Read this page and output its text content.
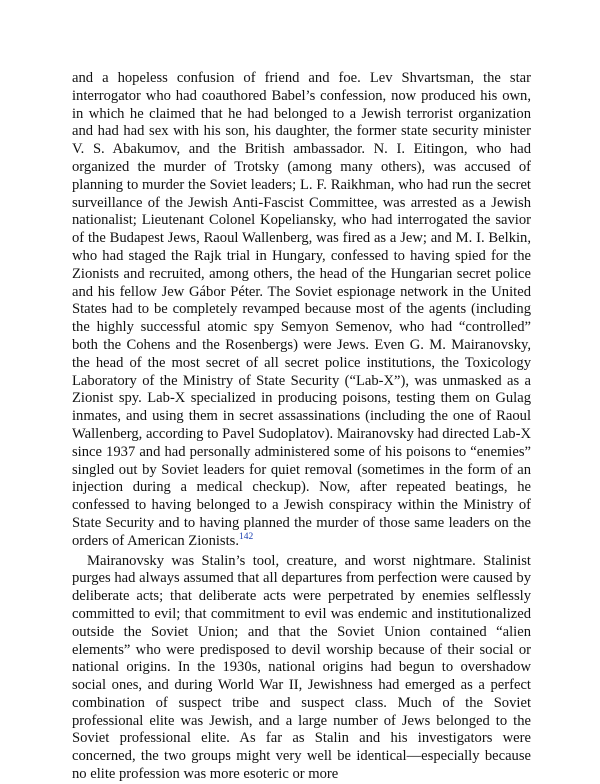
and a hopeless confusion of friend and foe. Lev Shvartsman, the star interrogator who had coauthored Babel’s confession, now produced his own, in which he claimed that he had belonged to a Jewish terrorist organization and had had sex with his son, his daughter, the former state security minister V. S. Abakumov, and the British ambassador. N. I. Eitingon, who had organized the murder of Trotsky (among many others), was accused of planning to murder the Soviet leaders; L. F. Raikhman, who had run the secret surveillance of the Jewish Anti-Fascist Committee, was arrested as a Jewish nationalist; Lieutenant Colonel Kopeliansky, who had interrogated the savior of the Budapest Jews, Raoul Wallenberg, was fired as a Jew; and M. I. Belkin, who had staged the Rajk trial in Hungary, confessed to having spied for the Zionists and recruited, among others, the head of the Hungarian secret police and his fellow Jew Gábor Péter. The Soviet espionage network in the United States had to be completely revamped because most of the agents (including the highly successful atomic spy Semyon Semenov, who had “controlled” both the Cohens and the Rosenbergs) were Jews. Even G. M. Mairanovsky, the head of the most secret of all secret police institutions, the Toxicology Laboratory of the Ministry of State Security (“Lab-X”), was unmasked as a Zionist spy. Lab-X specialized in producing poisons, testing them on Gulag inmates, and using them in secret assassinations (including the one of Raoul Wallenberg, according to Pavel Sudoplatov). Mairanovsky had directed Lab-X since 1937 and had personally administered some of his poisons to “enemies” singled out by Soviet leaders for quiet removal (sometimes in the form of an injection during a medical checkup). Now, after repeated beatings, he confessed to having belonged to a Jewish conspiracy within the Ministry of State Security and to having planned the murder of those same leaders on the orders of American Zionists.$^{142}$

Mairanovsky was Stalin’s tool, creature, and worst nightmare. Stalinist purges had always assumed that all departures from perfection were caused by deliberate acts; that deliberate acts were perpetrated by enemies selflessly committed to evil; that commitment to evil was endemic and institutionalized outside the Soviet Union; and that the Soviet Union contained “alien elements” who were predisposed to devil worship because of their social or national origins. In the 1930s, national origins had begun to overshadow social ones, and during World War II, Jewishness had emerged as a perfect combination of suspect tribe and suspect class. Much of the Soviet professional elite was Jewish, and a large number of Jews belonged to the Soviet professional elite. As far as Stalin and his investigators were concerned, the two groups might very well be identical—especially because no elite profession was more esoteric or more
